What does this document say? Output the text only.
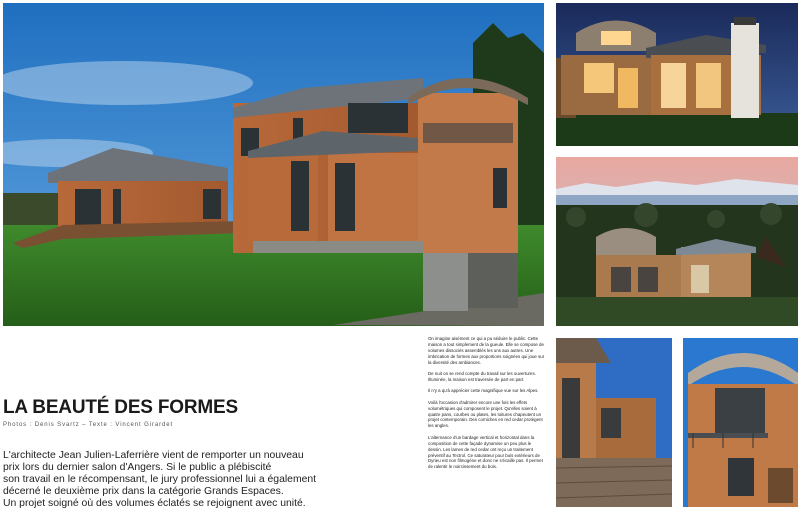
LA BEAUTÉ DES FORMES
Photos : Denis Svartz – Texte : Vincent Girardet
L'architecte Jean Julien-Laferrière vient de remporter un nouveau
prix lors du dernier salon d'Angers. Si le public a plébiscité
son travail en le récompensant, le jury professionnel lui a également
décerné le deuxième prix dans la catégorie Grands Espaces.
Un projet soigné où des volumes éclatés se rejoignent avec unité.

On imagine aisément ce qui a pu séduire le public. Cette maison a tout simplement de la gueule. Elle se compose de volumes dissociés assemblés les uns aux autres. Une imbrication de formes aux proportions soignées qui joue sur la diversité des ambiances.

De nuit on se rend compte du travail sur les ouvertures. Illuminée, la maison est traversée de part en part.

Il n'y a qu'à apprécier cette magnifique vue sur les Alpes.

Voilà l'occasion d'admirer encore une fois les effets volumétriques qui composent le projet. Qu'elles soient à quatre pans, courbes ou plates, les toitures chapeutent un projet contemporain. Des corniches en red cedar protègent les angles.

L'alternance d'un bardage vertical et horizontal dans la composition de cette façade dynamise un peu plus le dessin. Les lames de red cedar ont reçu un traitement préventif au Tectrol. Ce saturateur pour bois extérieurs de Dyrieu est non filmogène et donc ne s'écaille pas. Il permet de ralentir le noircissement du bois.
